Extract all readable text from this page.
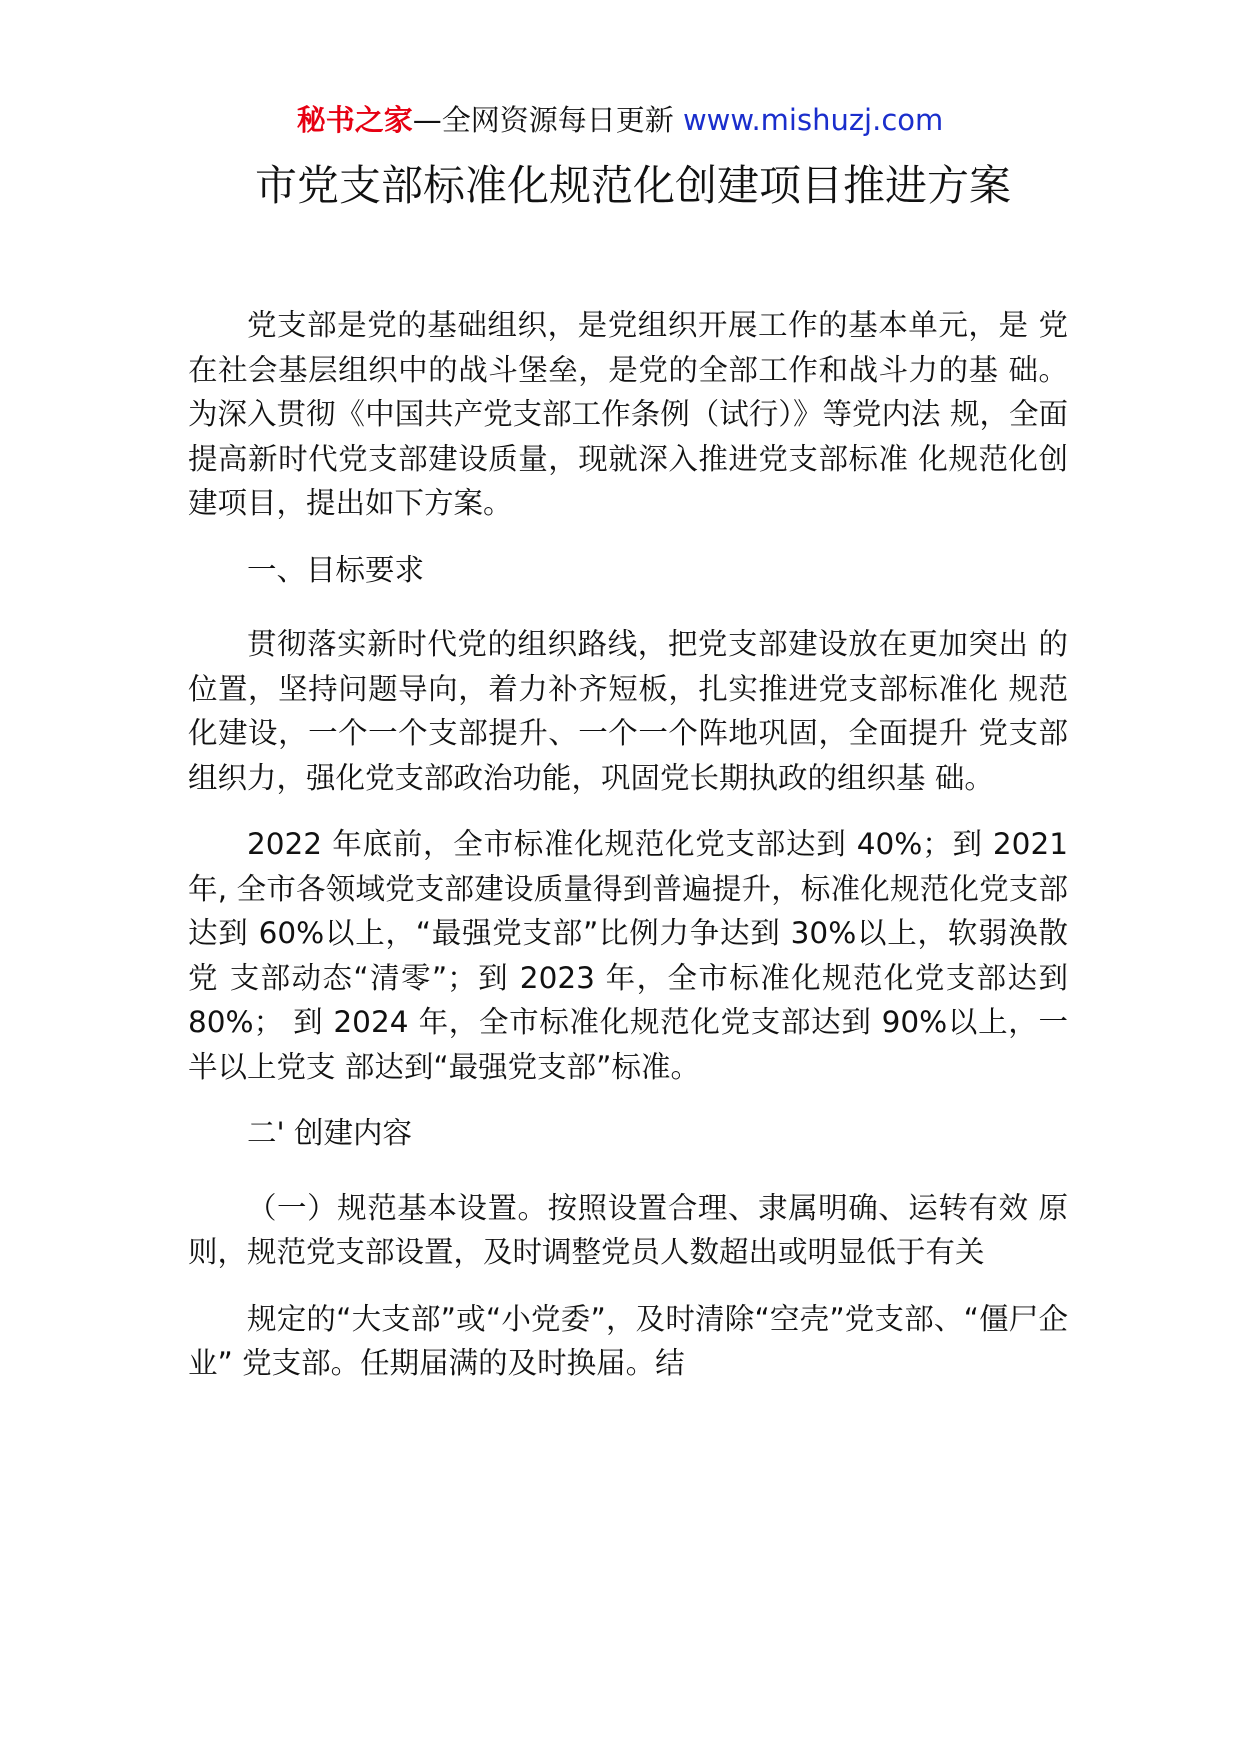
秘书之家—全网资源每日更新 www.mishuzj.com
市党支部标准化规范化创建项目推进方案

党支部是党的基础组织，是党组织开展工作的基本单元，是 党在社会基层组织中的战斗堡垒，是党的全部工作和战斗力的基 础。为深入贯彻《中国共产党支部工作条例（试行）》等党内法 规，全面提高新时代党支部建设质量，现就深入推进党支部标准 化规范化创建项目，提出如下方案。

一、目标要求

贯彻落实新时代党的组织路线，把党支部建设放在更加突出 的位置，坚持问题导向，着力补齐短板，扎实推进党支部标准化 规范化建设，一个一个支部提升、一个一个阵地巩固，全面提升 党支部组织力，强化党支部政治功能，巩固党长期执政的组织基 础。

2022 年底前，全市标准化规范化党支部达到 40%；到 2021 年, 全市各领域党支部建设质量得到普遍提升，标准化规范化党支部 达到 60%以上，“最强党支部”比例力争达到 30%以上，软弱涣散党 支部动态“清零”；到 2023 年，全市标准化规范化党支部达到 80%； 到 2024 年，全市标准化规范化党支部达到 90%以上，一半以上党支 部达到“最强党支部”标准。

二' 创建内容

（一）规范基本设置。按照设置合理、隶属明确、运转有效 原则，规范党支部设置，及时调整党员人数超出或明显低于有关

规定的“大支部”或“小党委”，及时清除“空壳”党支部、“僵尸企业” 党支部。任期届满的及时换届。结
